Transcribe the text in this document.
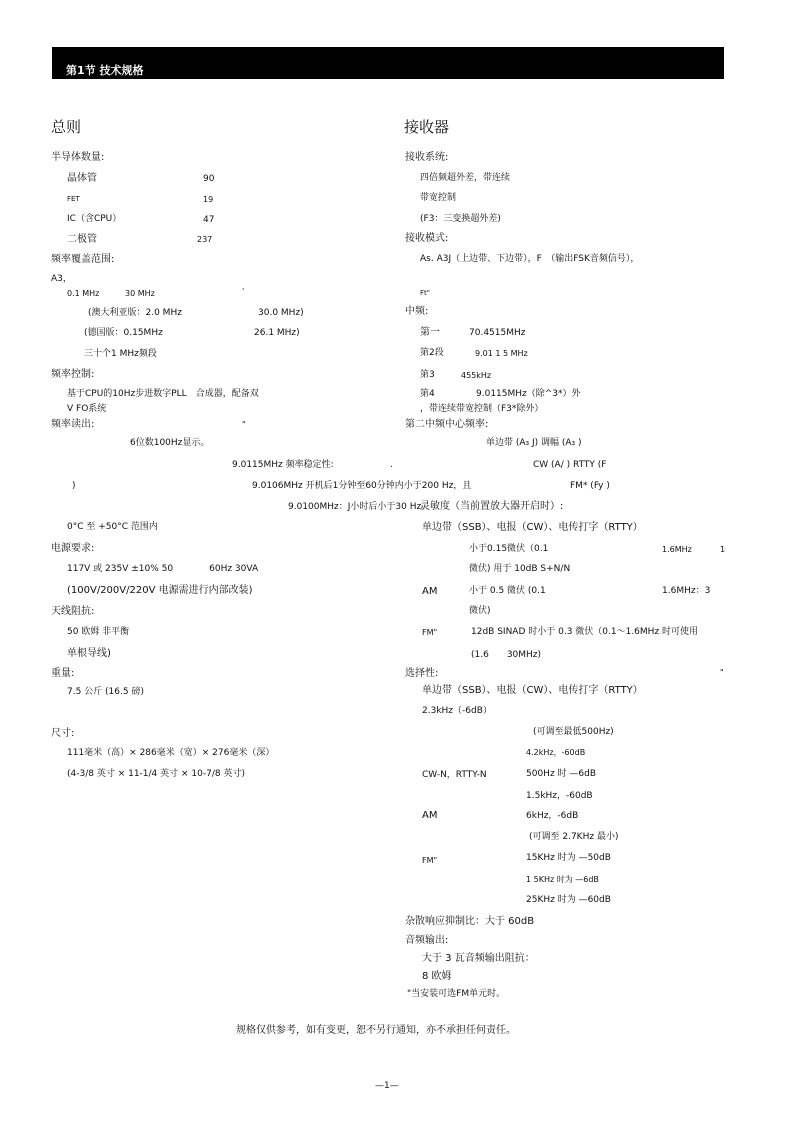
第1节 技术规格
总则
半导体数量:
晶体管	90
FET	19
IC（含CPU）	47
二极管	237
频率覆盖范围:
A3，
0.1 MHz	30 MHz	'
(澳大利亚版：2.0 MHz	30.0 MHz)
(德国版：0.15MHz	26.1 MHz)
三十个1 MHz频段
频率控制:
基于CPU的10Hz步进数字PLL　合成器，配备双
V FO系统
频率读出:	"
6位数100Hz显示。
9.0115MHz 频率稳定性:	.
)	9.0106MHz 开机后1分钟至60分钟内小于200 Hz，且
9.0100MHz：J小时后小于30 Hz。
0°C 至 +50°C 范围内
电源要求:
117V 或 235V ±10% 50　　　　60Hz 30VA
(100V/200V/220V 电源需进行内部改装)
天线阻抗:
50 欧姆 非平衡
单根导线)
重量:
7.5 公斤 (16.5 磅)
尺寸:
111毫米（高）× 286毫米（宽）× 276毫米（深）
(4-3/8 英寸 × 11-1/4 英寸 × 10-7/8 英寸)
接收器
接收系统:
四倍频超外差，带连续
带宽控制
(F3：三变换超外差)
接收模式:
As. A3J（上边带、下边带），F　（输出FSK音频信号），
Ft"
中频:
第一	70.4515MHz
第2段	9.01 1 5 MHz
第3	455kHz
第4	9.0115MHz（除^3*）外
，带连续带宽控制（F3*除外）
第二中频中心频率:
单边带 (A₃ J) 调幅 (A₃ )
CW (A/ ) RTTY (F
FM* (Fy )
灵敏度（当前置放大器开启时）:
单边带（SSB）、电报（CW）、电传打字（RTTY）
小于0.15微伏（0.1	1.6MHz	1
微伏) 用于 10dB S+N/N
AM	小于 0.5 微伏 (0.1	1.6MHz：3
微伏)
FM"	12dB SINAD 时小于 0.3 微伏（0.1〜1.6MHz 时可使用
(1.6　　30MHz)
选择性:	"
单边带（SSB）、电报（CW）、电传打字（RTTY）
2.3kHz（-6dB）
(可调至最低500Hz)
4.2kHz，-60dB
CW-N，RTTY-N	500Hz 时 —6dB
1.5kHz，-60dB
AM	6kHz，-6dB
(可调至 2.7KHz 最小)
FM"	15KHz 时为 —50dB
1 5KHz 时为 —6dB
25KHz 时为 —60dB
杂散响应抑制比：大于 60dB
音频输出:
大于 3 瓦音频输出阻抗：
8 欧姆
"当安装可选FM单元时。
规格仅供参考，如有变更，恕不另行通知，亦不承担任何责任。
—1—
